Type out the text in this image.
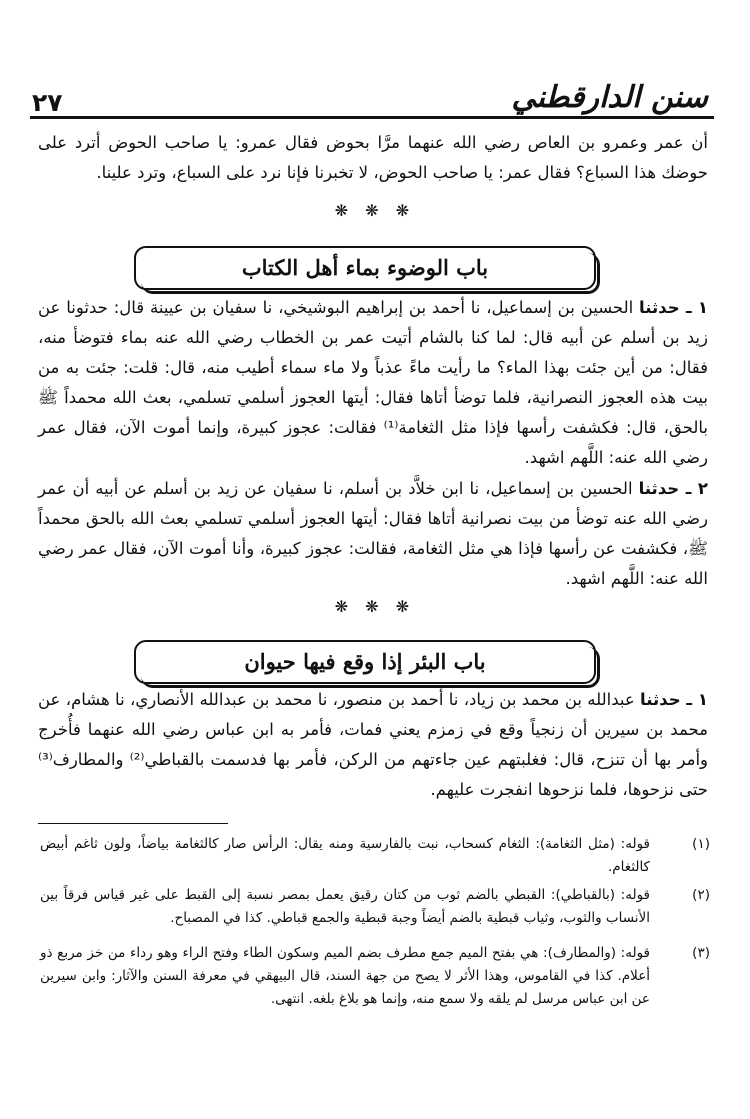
٢٧	سنن الدارقطني

أن عمر وعمرو بن العاص رضي الله عنهما مرَّا بحوض فقال عمرو: يا صاحب الحوض أترد على حوضك هذا السباع؟ فقال عمر: يا صاحب الحوض، لا تخبرنا فإنا نرد على السباع، وترد علينا.

❋ ❋ ❋
باب الوضوء بماء أهل الكتاب

١ ـ حدثنا الحسين بن إسماعيل، نا أحمد بن إبراهيم البوشيخي، نا سفيان بن عيينة قال: حدثونا عن زيد بن أسلم عن أبيه قال: لما كنا بالشام أتيت عمر بن الخطاب رضي الله عنه بماء فتوضأ منه، فقال: من أين جئت بهذا الماء؟ ما رأيت ماءً عذباً ولا ماء سماء أطيب منه، قال: قلت: جئت به من بيت هذه العجوز النصرانية، فلما توضأ أتاها فقال: أيتها العجوز أسلمي تسلمي، بعث الله محمداً ﷺ بالحق، قال: فكشفت رأسها فإذا مثل الثغامة⁽¹⁾ فقالت: عجوز كبيرة، وإنما أموت الآن، فقال عمر رضي الله عنه: اللَّهم اشهد.

٢ ـ حدثنا الحسين بن إسماعيل، نا ابن خلاَّد بن أسلم، نا سفيان عن زيد بن أسلم عن أبيه أن عمر رضي الله عنه توضأ من بيت نصرانية أتاها فقال: أيتها العجوز أسلمي تسلمي بعث الله بالحق محمداً ﷺ، فكشفت عن رأسها فإذا هي مثل الثغامة، فقالت: عجوز كبيرة، وأنا أموت الآن، فقال عمر رضي الله عنه: اللَّهم اشهد.

❋ ❋ ❋
باب البئر إذا وقع فيها حيوان

١ ـ حدثنا عبدالله بن محمد بن زياد، نا أحمد بن منصور، نا محمد بن عبدالله الأنصاري، نا هشام، عن محمد بن سيرين أن زنجياً وقع في زمزم يعني فمات، فأمر به ابن عباس رضي الله عنهما فأُخرج وأمر بها أن تنزح، قال: فغلبتهم عين جاءتهم من الركن، فأمر بها فدسمت بالقباطي⁽²⁾ والمطارف⁽³⁾ حتى نزحوها، فلما نزحوها انفجرت عليهم.

(١)
قوله: (مثل الثغامة): الثغام كسحاب، نبت بالفارسية ومنه يقال: الرأس صار كالثغامة بياضاً، ولون ثاغم أبيض كالثغام.
(٢)
قوله: (بالقباطي): القبطي بالضم ثوب من كتان رقيق يعمل بمصر نسبة إلى القبط على غير قياس فرقاً بين الأنساب والثوب، وثياب قبطية بالضم أيضاً وجبة قبطية والجمع قباطي. كذا في المصباح.
(٣)
قوله: (والمطارف): هي بفتح الميم جمع مطرف بضم الميم وسكون الطاء وفتح الراء وهو رداء من خز مربع ذو أعلام. كذا في القاموس، وهذا الأثر لا يصح من جهة السند، قال البيهقي في معرفة السنن والآثار: وابن سيرين عن ابن عباس مرسل لم يلقه ولا سمع منه، وإنما هو بلاغ بلغه. انتهى.
